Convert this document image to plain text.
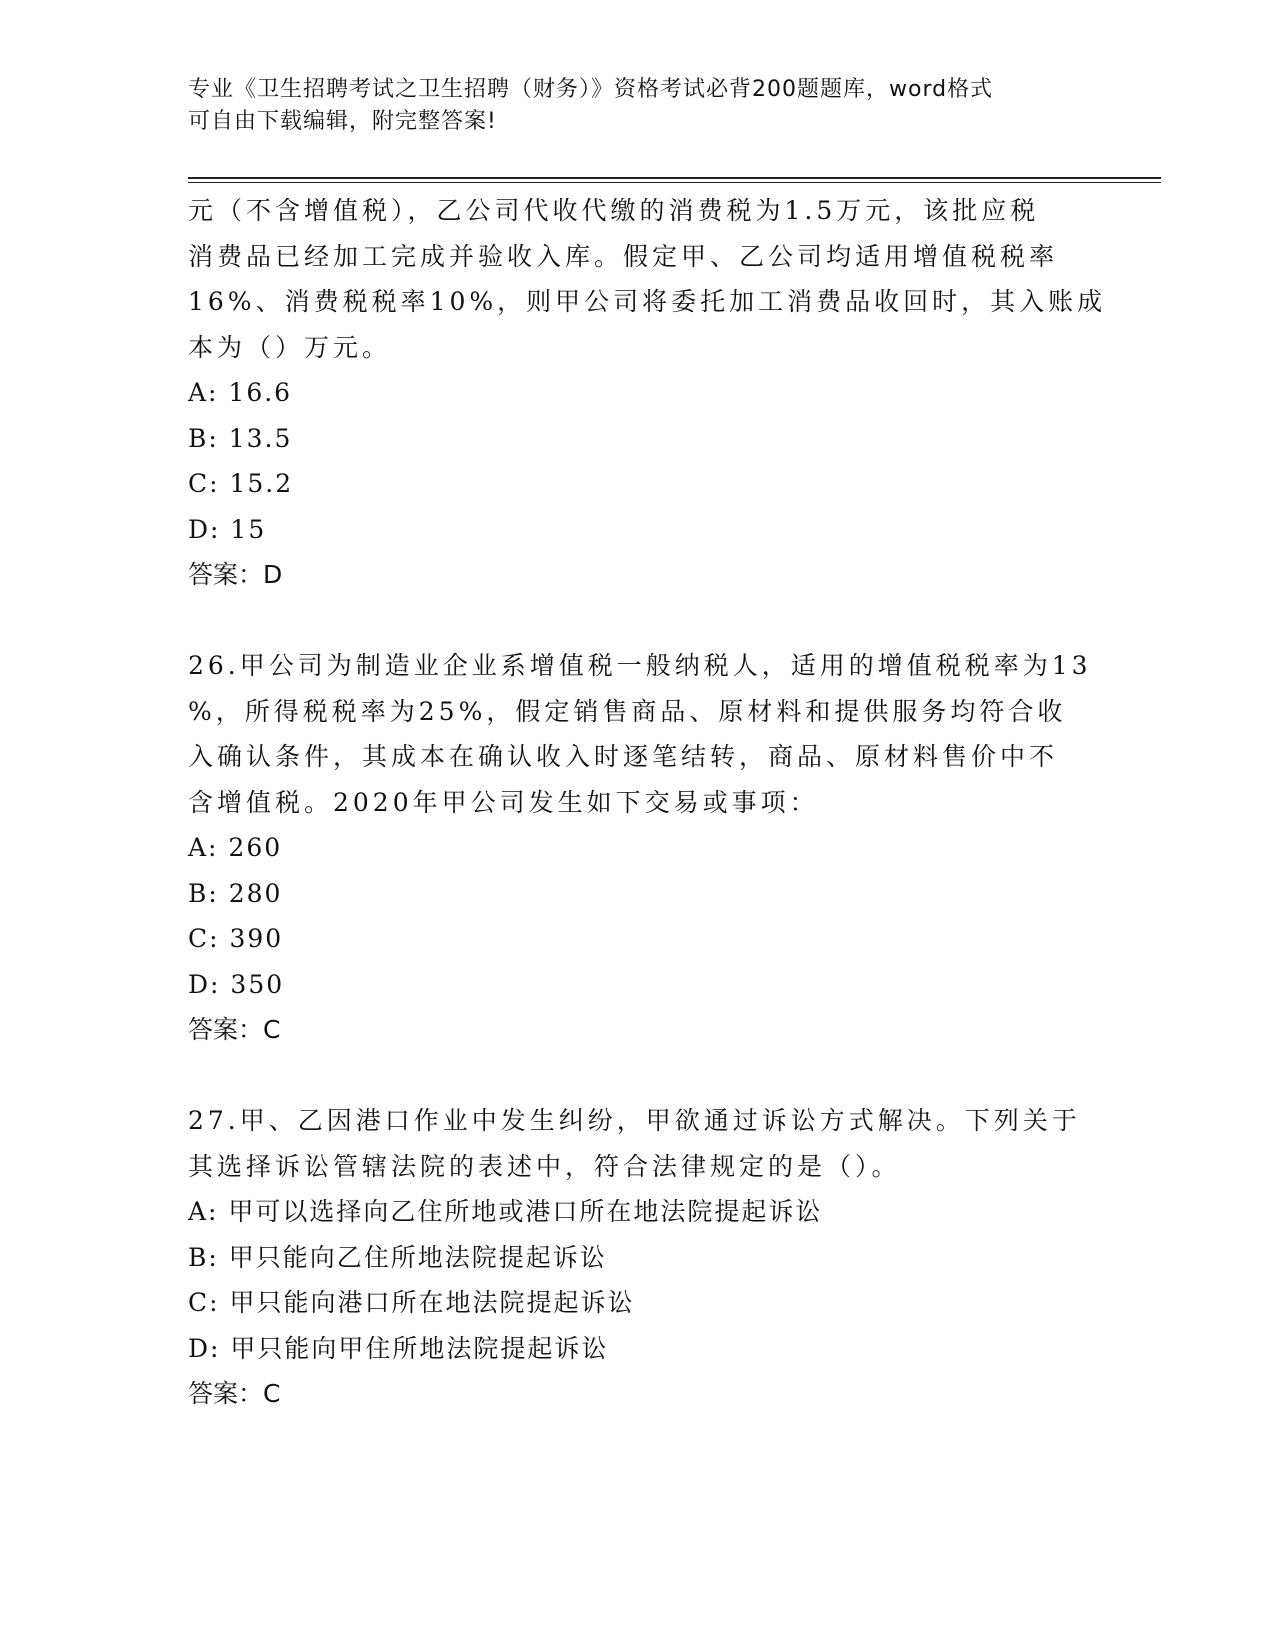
专业《卫生招聘考试之卫生招聘（财务）》资格考试必背200题题库，word格式
可自由下载编辑，附完整答案!
元（不含增值税），乙公司代收代缴的消费税为1.5万元，该批应税
消费品已经加工完成并验收入库。假定甲、乙公司均适用增值税税率
16%、消费税税率10%，则甲公司将委托加工消费品收回时，其入账成
本为（）万元。
A: 16.6
B: 13.5
C: 15.2
D: 15
答案：D
26.甲公司为制造业企业系增值税一般纳税人，适用的增值税税率为13
%，所得税税率为25%，假定销售商品、原材料和提供服务均符合收
入确认条件，其成本在确认收入时逐笔结转，商品、原材料售价中不
含增值税。2020年甲公司发生如下交易或事项：
A: 260
B: 280
C: 390
D: 350
答案：C
27.甲、乙因港口作业中发生纠纷，甲欲通过诉讼方式解决。下列关于
其选择诉讼管辖法院的表述中，符合法律规定的是（）。
A: 甲可以选择向乙住所地或港口所在地法院提起诉讼
B: 甲只能向乙住所地法院提起诉讼
C: 甲只能向港口所在地法院提起诉讼
D: 甲只能向甲住所地法院提起诉讼
答案：C
